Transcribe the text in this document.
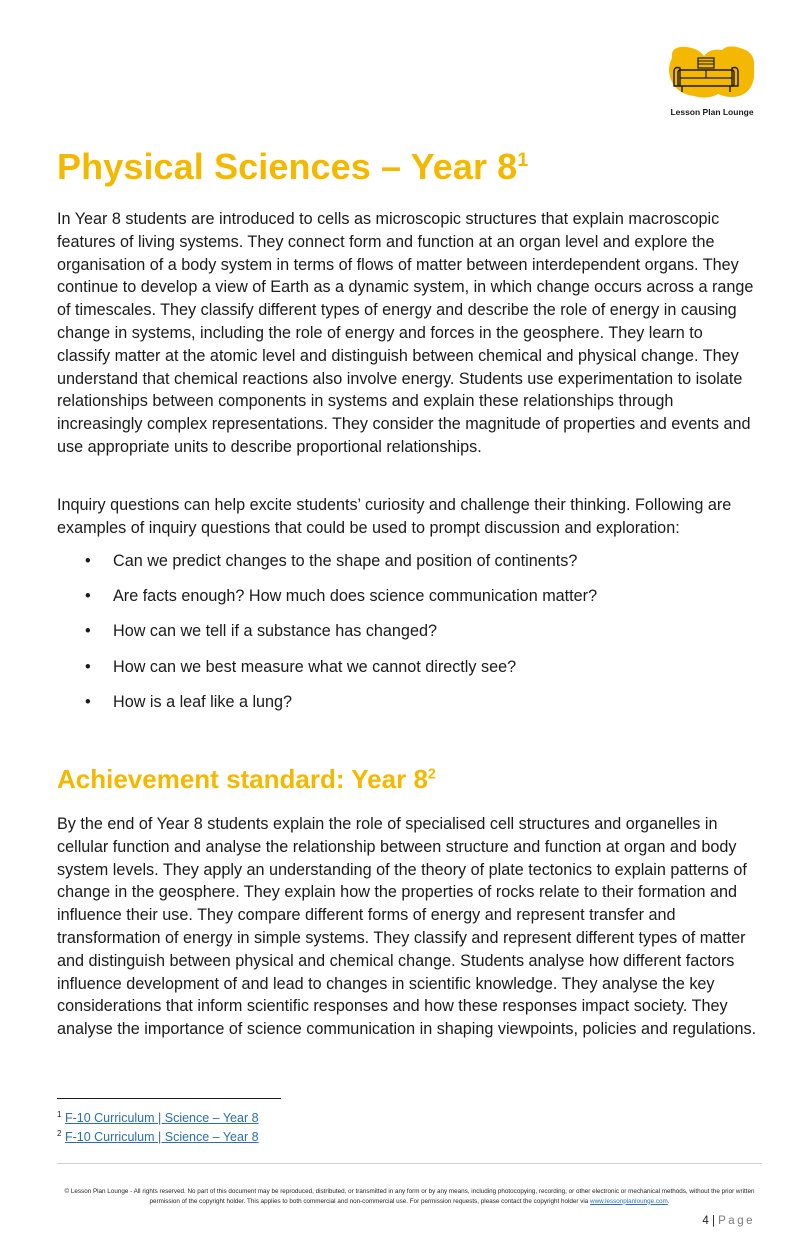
Lesson Plan Lounge
Physical Sciences – Year $8^1$

In Year 8 students are introduced to cells as microscopic structures that explain macroscopic features of living systems. They connect form and function at an organ level and explore the organisation of a body system in terms of flows of matter between interdependent organs. They continue to develop a view of Earth as a dynamic system, in which change occurs across a range of timescales. They classify different types of energy and describe the role of energy in causing change in systems, including the role of energy and forces in the geosphere. They learn to classify matter at the atomic level and distinguish between chemical and physical change. They understand that chemical reactions also involve energy. Students use experimentation to isolate relationships between components in systems and explain these relationships through increasingly complex representations. They consider the magnitude of properties and events and use appropriate units to describe proportional relationships.

Inquiry questions can help excite students’ curiosity and challenge their thinking. Following are examples of inquiry questions that could be used to prompt discussion and exploration:

• Can we predict changes to the shape and position of continents?
• Are facts enough? How much does science communication matter?
• How can we tell if a substance has changed?
• How can we best measure what we cannot directly see?
• How is a leaf like a lung?
Achievement standard: Year $8^2$

By the end of Year 8 students explain the role of specialised cell structures and organelles in cellular function and analyse the relationship between structure and function at organ and body system levels. They apply an understanding of the theory of plate tectonics to explain patterns of change in the geosphere. They explain how the properties of rocks relate to their formation and influence their use. They compare different forms of energy and represent transfer and transformation of energy in simple systems. They classify and represent different types of matter and distinguish between physical and chemical change. Students analyse how different factors influence development of and lead to changes in scientific knowledge. They analyse the key considerations that inform scientific responses and how these responses impact society. They analyse the importance of science communication in shaping viewpoints, policies and regulations.

$^1$ F-10 Curriculum | Science – Year 8
$^2$ F-10 Curriculum | Science – Year 8
© Lesson Plan Lounge - All rights reserved. No part of this document may be reproduced, distributed, or transmitted in any form or by any means, including photocopying, recording, or other electronic or mechanical methods, without the prior written permission of the copyright holder. This applies to both commercial and non-commercial use. For permission requests, please contact the copyright holder via www.lessonplanlounge.com.
4 | Page
